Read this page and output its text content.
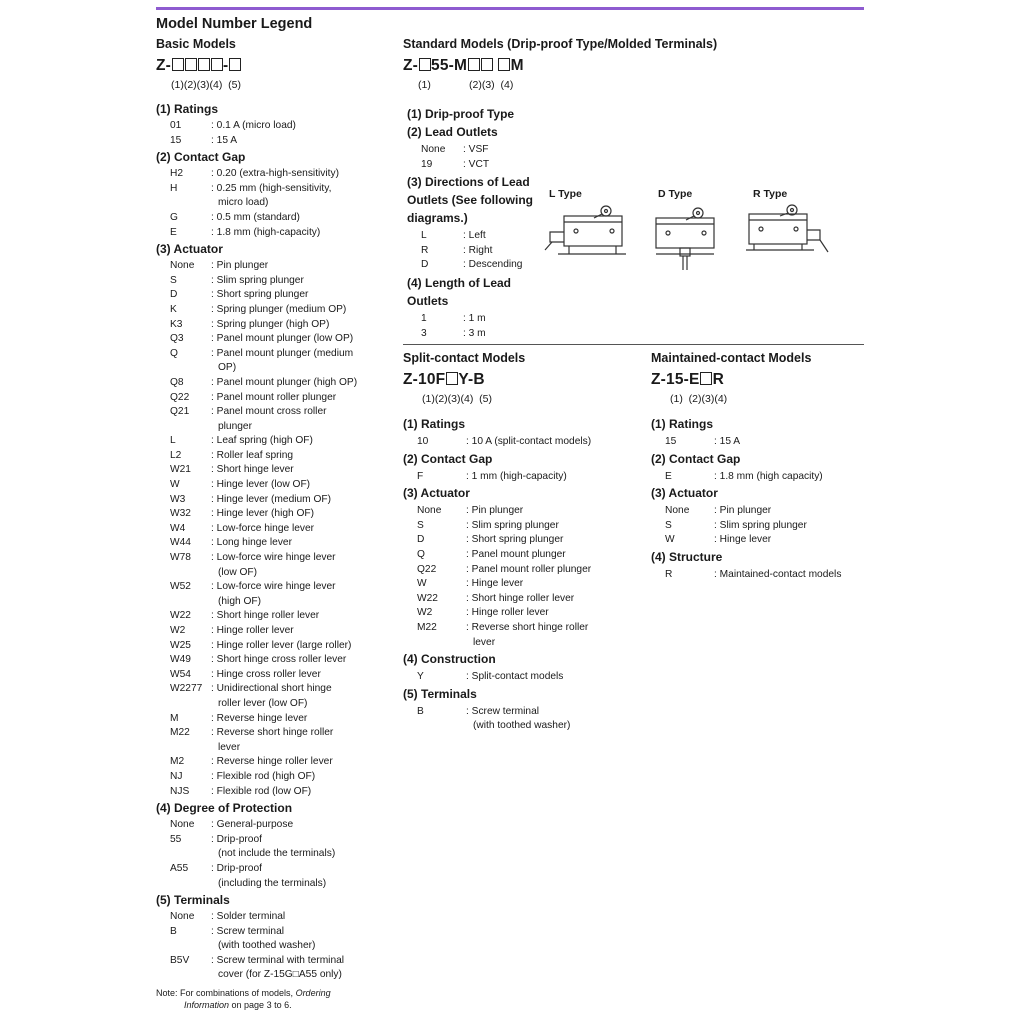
Model Number Legend
Basic Models
Z-	-
(1)(2)(3)(4)  (5)
(1) Ratings
01	: 0.1 A (micro load)
15	: 15 A
(2) Contact Gap
H2	: 0.20 (extra-high-sensitivity)
H	: 0.25 mm (high-sensitivity,
micro load)
G	: 0.5 mm (standard)
E	: 1.8 mm (high-capacity)
(3) Actuator
None	: Pin plunger
S	: Slim spring plunger
D	: Short spring plunger
K	: Spring plunger (medium OP)
K3	: Spring plunger (high OP)
Q3	: Panel mount plunger (low OP)
Q	: Panel mount plunger (medium
OP)
Q8	: Panel mount plunger (high OP)
Q22	: Panel mount roller plunger
Q21	: Panel mount cross roller
plunger
L	: Leaf spring (high OF)
L2	: Roller leaf spring
W21	: Short hinge lever
W	: Hinge lever (low OF)
W3	: Hinge lever (medium OF)
W32	: Hinge lever (high OF)
W4	: Low-force hinge lever
W44	: Long hinge lever
W78	: Low-force wire hinge lever
(low OF)
W52	: Low-force wire hinge lever
(high OF)
W22	: Short hinge roller lever
W2	: Hinge roller lever
W25	: Hinge roller lever (large roller)
W49	: Short hinge cross roller lever
W54	: Hinge cross roller lever
W2277 : Unidirectional short hinge
roller lever (low OF)
M	: Reverse hinge lever
M22	: Reverse short hinge roller
lever
M2	: Reverse hinge roller lever
NJ	: Flexible rod (high OF)
NJS	: Flexible rod (low OF)
(4) Degree of Protection
None	: General-purpose
55	: Drip-proof
(not include the terminals)
A55	: Drip-proof
(including the terminals)
(5) Terminals
None	: Solder terminal
B	: Screw terminal
(with toothed washer)
B5V	: Screw terminal with terminal
cover (for Z-15G□A55 only)
Note: For combinations of models, Ordering
Information on page 3 to 6.
Standard Models (Drip-proof Type/Molded Terminals)
Z- 55-M	M
(1)	(2)(3)  (4)
(1) Drip-proof Type
(2) Lead Outlets
None	: VSF
19	: VCT
(3) Directions of Lead
Outlets (See following
diagrams.)
L	: Left
R	: Right
D	: Descending
(4) Length of Lead
Outlets
1	: 1 m
3	: 3 m
L Type	D Type	R Type
Split-contact Models
Z-10F Y-B
(1)(2)(3)(4)  (5)
(1) Ratings
10	: 10 A (split-contact models)
(2) Contact Gap
F	: 1 mm (high-capacity)
(3) Actuator
None	: Pin plunger
S	: Slim spring plunger
D	: Short spring plunger
Q	: Panel mount plunger
Q22	: Panel mount roller plunger
W	: Hinge lever
W22	: Short hinge roller lever
W2	: Hinge roller lever
M22	: Reverse short hinge roller
lever
(4) Construction
Y	: Split-contact models
(5) Terminals
B	: Screw terminal
(with toothed washer)
Maintained-contact Models
Z-15-E R
(1)  (2)(3)(4)
(1) Ratings
15	: 15 A
(2) Contact Gap
E	: 1.8 mm (high capacity)
(3) Actuator
None	: Pin plunger
S	: Slim spring plunger
W	: Hinge lever
(4) Structure
R	: Maintained-contact models
